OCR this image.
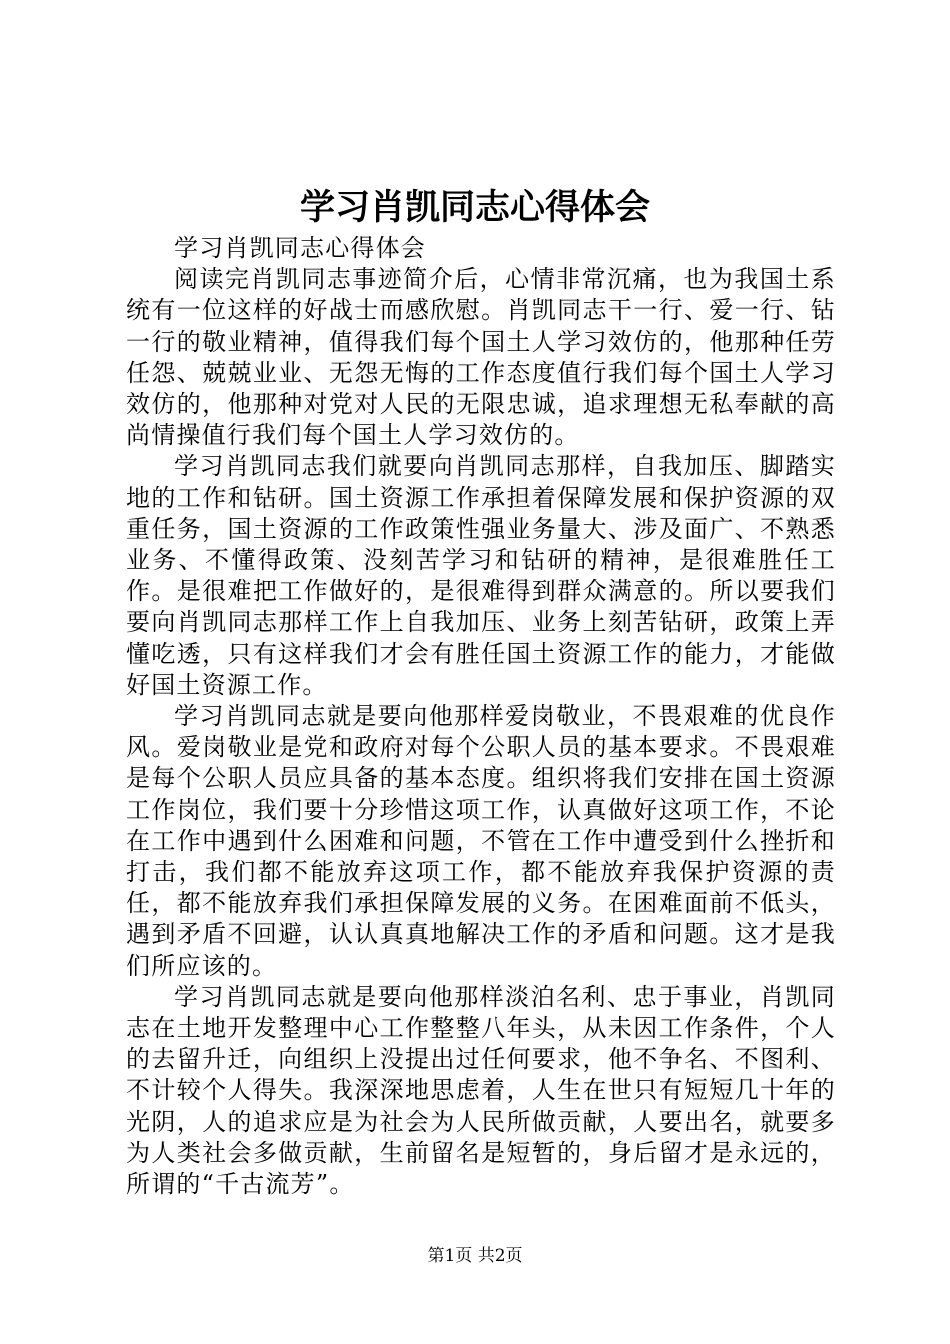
学习肖凯同志心得体会

学习肖凯同志心得体会

阅读完肖凯同志事迹简介后，心情非常沉痛，也为我国土系统有一位这样的好战士而感欣慰。肖凯同志干一行、爱一行、钻一行的敬业精神，值得我们每个国土人学习效仿的，他那种任劳任怨、兢兢业业、无怨无悔的工作态度值行我们每个国土人学习效仿的，他那种对党对人民的无限忠诚，追求理想无私奉献的高尚情操值行我们每个国土人学习效仿的。

学习肖凯同志我们就要向肖凯同志那样，自我加压、脚踏实地的工作和钻研。国土资源工作承担着保障发展和保护资源的双重任务，国土资源的工作政策性强业务量大、涉及面广、不熟悉业务、不懂得政策、没刻苦学习和钻研的精神，是很难胜任工作。是很难把工作做好的，是很难得到群众满意的。所以要我们要向肖凯同志那样工作上自我加压、业务上刻苦钻研，政策上弄懂吃透，只有这样我们才会有胜任国土资源工作的能力，才能做好国土资源工作。

学习肖凯同志就是要向他那样爱岗敬业，不畏艰难的优良作风。爱岗敬业是党和政府对每个公职人员的基本要求。不畏艰难是每个公职人员应具备的基本态度。组织将我们安排在国土资源工作岗位，我们要十分珍惜这项工作，认真做好这项工作，不论在工作中遇到什么困难和问题，不管在工作中遭受到什么挫折和打击，我们都不能放弃这项工作，都不能放弃我保护资源的责任，都不能放弃我们承担保障发展的义务。在困难面前不低头，遇到矛盾不回避，认认真真地解决工作的矛盾和问题。这才是我们所应该的。

学习肖凯同志就是要向他那样淡泊名利、忠于事业，肖凯同志在土地开发整理中心工作整整八年头，从未因工作条件，个人的去留升迁，向组织上没提出过任何要求，他不争名、不图利、不计较个人得失。我深深地思虑着，人生在世只有短短几十年的光阴，人的追求应是为社会为人民所做贡献，人要出名，就要多为人类社会多做贡献，生前留名是短暂的，身后留才是永远的，所谓的“千古流芳”。

第1页 共2页
